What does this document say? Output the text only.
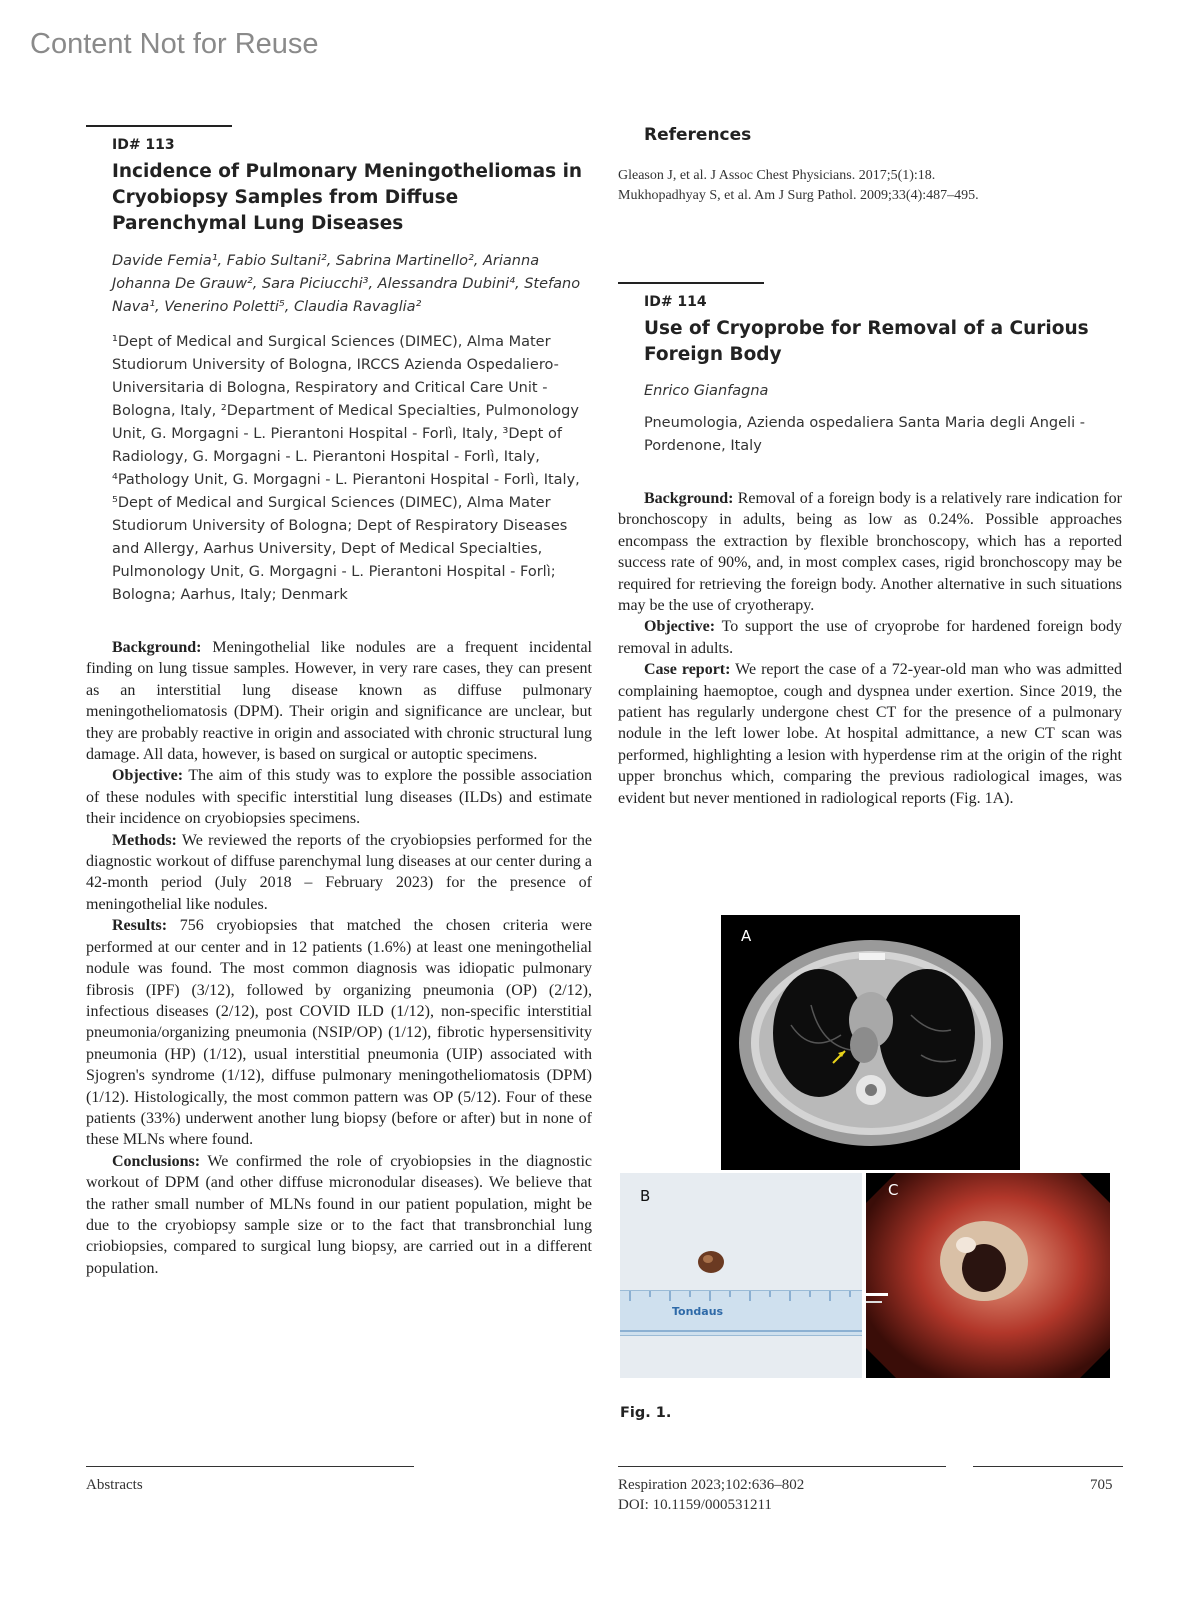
Content Not for Reuse
ID# 113
Incidence of Pulmonary Meningotheliomas in Cryobiopsy Samples from Diffuse Parenchymal Lung Diseases
Davide Femia¹, Fabio Sultani², Sabrina Martinello², Arianna Johanna De Grauw², Sara Piciucchi³, Alessandra Dubini⁴, Stefano Nava¹, Venerino Poletti⁵, Claudia Ravaglia²
¹Dept of Medical and Surgical Sciences (DIMEC), Alma Mater Studiorum University of Bologna, IRCCS Azienda Ospedaliero-Universitaria di Bologna, Respiratory and Critical Care Unit - Bologna, Italy, ²Department of Medical Specialties, Pulmonology Unit, G. Morgagni - L. Pierantoni Hospital - Forlì, Italy, ³Dept of Radiology, G. Morgagni - L. Pierantoni Hospital - Forlì, Italy, ⁴Pathology Unit, G. Morgagni - L. Pierantoni Hospital - Forlì, Italy, ⁵Dept of Medical and Surgical Sciences (DIMEC), Alma Mater Studiorum University of Bologna; Dept of Respiratory Diseases and Allergy, Aarhus University, Dept of Medical Specialties, Pulmonology Unit, G. Morgagni - L. Pierantoni Hospital - Forlì; Bologna; Aarhus, Italy; Denmark

Background: Meningothelial like nodules are a frequent incidental finding on lung tissue samples. However, in very rare cases, they can present as an interstitial lung disease known as diffuse pulmonary meningotheliomatosis (DPM). Their origin and significance are unclear, but they are probably reactive in origin and associated with chronic structural lung damage. All data, however, is based on surgical or autoptic specimens.

Objective: The aim of this study was to explore the possible association of these nodules with specific interstitial lung diseases (ILDs) and estimate their incidence on cryobiopsies specimens.

Methods: We reviewed the reports of the cryobiopsies performed for the diagnostic workout of diffuse parenchymal lung diseases at our center during a 42-month period (July 2018 – February 2023) for the presence of meningothelial like nodules.

Results: 756 cryobiopsies that matched the chosen criteria were performed at our center and in 12 patients (1.6%) at least one meningothelial nodule was found. The most common diagnosis was idiopatic pulmonary fibrosis (IPF) (3/12), followed by organizing pneumonia (OP) (2/12), infectious diseases (2/12), post COVID ILD (1/12), non-specific interstitial pneumonia/organizing pneumonia (NSIP/OP) (1/12), fibrotic hypersensitivity pneumonia (HP) (1/12), usual interstitial pneumonia (UIP) associated with Sjogren's syndrome (1/12), diffuse pulmonary meningotheliomatosis (DPM) (1/12). Histologically, the most common pattern was OP (5/12). Four of these patients (33%) underwent another lung biopsy (before or after) but in none of these MLNs where found.

Conclusions: We confirmed the role of cryobiopsies in the diagnostic workout of DPM (and other diffuse micronodular diseases). We believe that the rather small number of MLNs found in our patient population, might be due to the cryobiopsy sample size or to the fact that transbronchial lung criobiopsies, compared to surgical lung biopsy, are carried out in a different population.

References
Gleason J, et al. J Assoc Chest Physicians. 2017;5(1):18.
Mukhopadhyay S, et al. Am J Surg Pathol. 2009;33(4):487–495.
ID# 114
Use of Cryoprobe for Removal of a Curious Foreign Body
Enrico Gianfagna
Pneumologia, Azienda ospedaliera Santa Maria degli Angeli - Pordenone, Italy

Background: Removal of a foreign body is a relatively rare indication for bronchoscopy in adults, being as low as 0.24%. Possible approaches encompass the extraction by flexible bronchoscopy, which has a reported success rate of 90%, and, in most complex cases, rigid bronchoscopy may be required for retrieving the foreign body. Another alternative in such situations may be the use of cryotherapy.

Objective: To support the use of cryoprobe for hardened foreign body removal in adults.

Case report: We report the case of a 72-year-old man who was admitted complaining haemoptoe, cough and dyspnea under exertion. Since 2019, the patient has regularly undergone chest CT for the presence of a pulmonary nodule in the left lower lobe. At hospital admittance, a new CT scan was performed, highlighting a lesion with hyperdense rim at the origin of the right upper bronchus which, comparing the previous radiological images, was evident but never mentioned in radiological reports (Fig. 1A).

A
Tondaus
B	C
Fig. 1.
Abstracts	Respiration 2023;102:636–802
DOI: 10.1159/000531211
705
